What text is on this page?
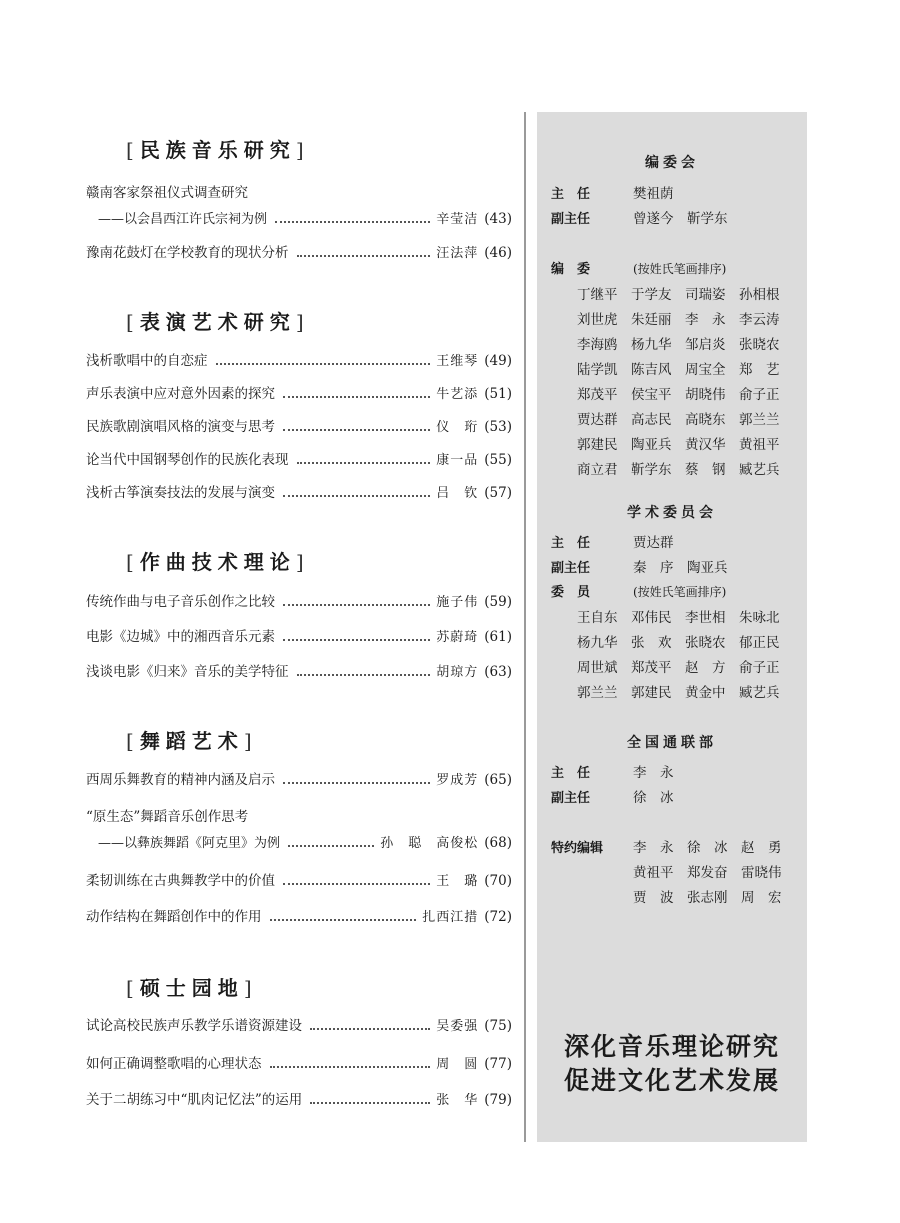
[民族音乐研究]
赣南客家祭祖仪式调查研究
——以会昌西江许氏宗祠为例	辛莹洁 (43)
豫南花鼓灯在学校教育的现状分析	汪法萍 (46)
[表演艺术研究]
浅析歌唱中的自恋症	王维琴 (49)
声乐表演中应对意外因素的探究	牛艺添 (51)
民族歌剧演唱风格的演变与思考	仪　珩 (53)
论当代中国钢琴创作的民族化表现	康一品 (55)
浅析古筝演奏技法的发展与演变	吕　钦 (57)
[作曲技术理论]
传统作曲与电子音乐创作之比较	施子伟 (59)
电影《边城》中的湘西音乐元素	苏蔚琦 (61)
浅谈电影《归来》音乐的美学特征	胡琼方 (63)
[舞蹈艺术]
西周乐舞教育的精神内涵及启示	罗成芳 (65)
“原生态”舞蹈音乐创作思考
——以彝族舞蹈《阿克里》为例	孙　聪　高俊松 (68)
柔韧训练在古典舞教学中的价值	王　璐 (70)
动作结构在舞蹈创作中的作用	扎西江措 (72)
[硕士园地]
试论高校民族声乐教学乐谱资源建设	吴委强 (75)
如何正确调整歌唱的心理状态	周　圆 (77)
关于二胡练习中“肌肉记忆法”的运用	张　华 (79)
编委会
主　任	樊祖荫
副主任	曾遂今 靳学东
编　委	(按姓氏笔画排序)
丁继平 于学友 司瑞姿 孙相根
刘世虎 朱廷丽 李　永 李云涛
李海鸥 杨九华 邹启炎 张晓农
陆学凯 陈吉风 周宝全 郑　艺
郑茂平 侯宝平 胡晓伟 俞子正
贾达群 高志民 高晓东 郭兰兰
郭建民 陶亚兵 黄汉华 黄祖平
商立君 靳学东 蔡　钢 臧艺兵
学术委员会
主　任	贾达群
副主任	秦　序 陶亚兵
委　员	(按姓氏笔画排序)
王自东 邓伟民 李世相 朱咏北
杨九华 张　欢 张晓农 郁正民
周世斌 郑茂平 赵　方 俞子正
郭兰兰 郭建民 黄金中 臧艺兵
全国通联部
主　任	李　永
副主任	徐　冰
特约编辑 李　永 徐　冰 赵　勇
黄祖平 郑发奋 雷晓伟
贾　波 张志刚 周　宏
深化音乐理论研究
促进文化艺术发展
